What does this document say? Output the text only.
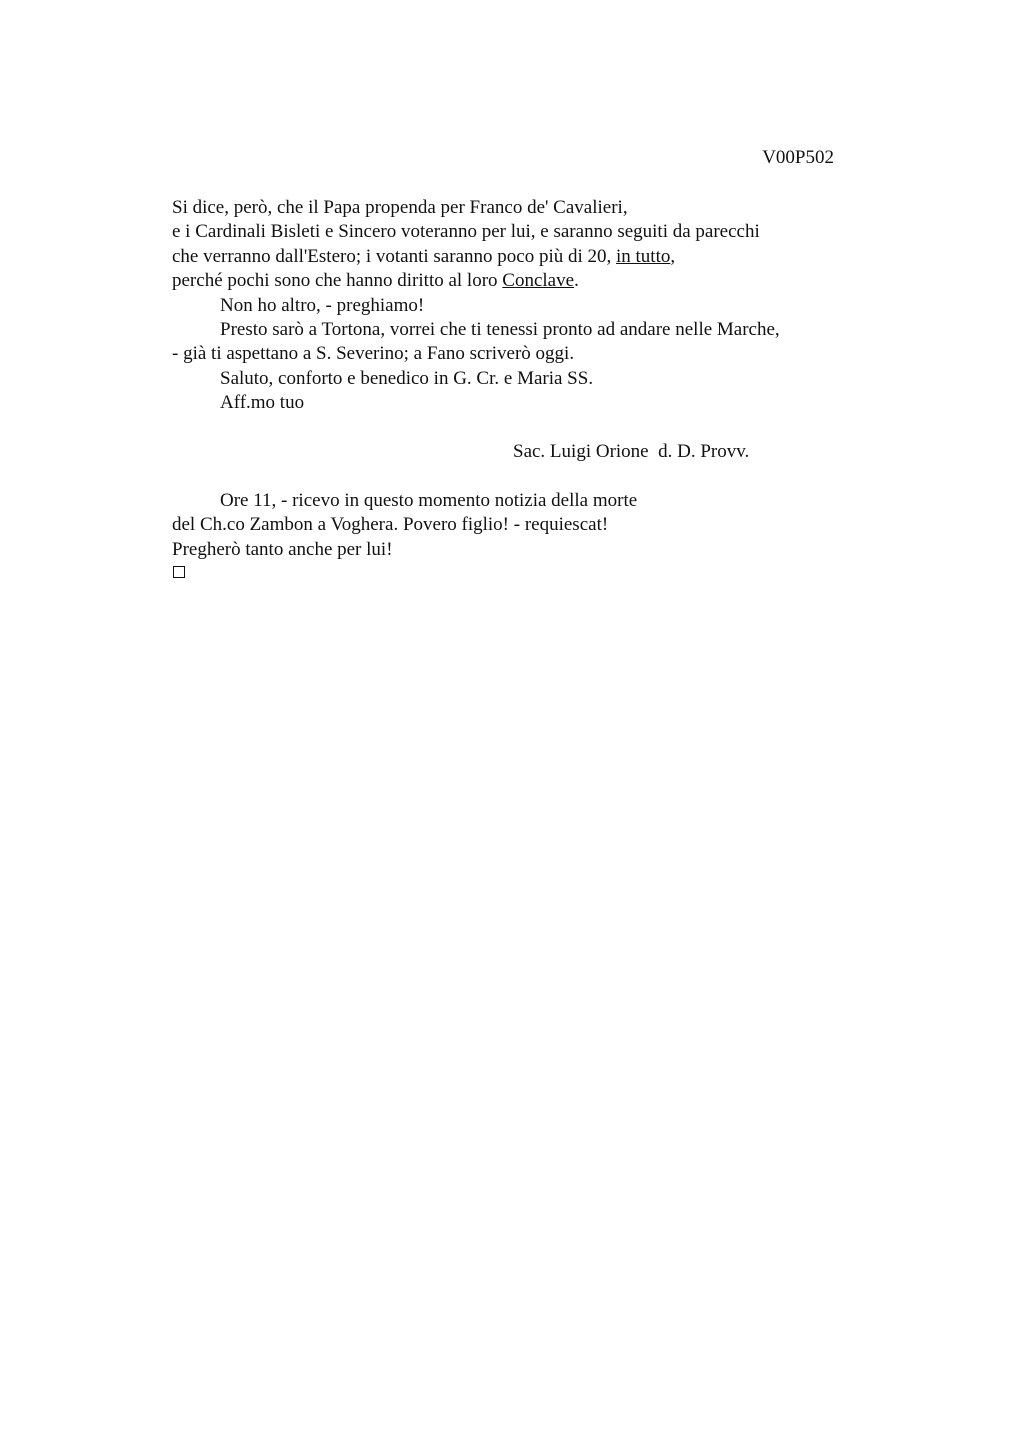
V00P502
Si dice, però, che il Papa propenda per Franco de' Cavalieri,
e i Cardinali Bisleti e Sincero voteranno per lui, e saranno seguiti da parecchi
che verranno dall'Estero; i votanti saranno poco più di 20, in tutto,
perché pochi sono che hanno diritto al loro Conclave.
Non ho altro, - preghiamo!
Presto sarò a Tortona, vorrei che ti tenessi pronto ad andare nelle Marche,
- già ti aspettano a S. Severino; a Fano scriverò oggi.
Saluto, conforto e benedico in G. Cr. e Maria SS.
Aff.mo tuo
Sac. Luigi Orione  d. D. Provv.
Ore 11, - ricevo in questo momento notizia della morte
del Ch.co Zambon a Voghera. Povero figlio! - requiescat!
Pregherò tanto anche per lui!
